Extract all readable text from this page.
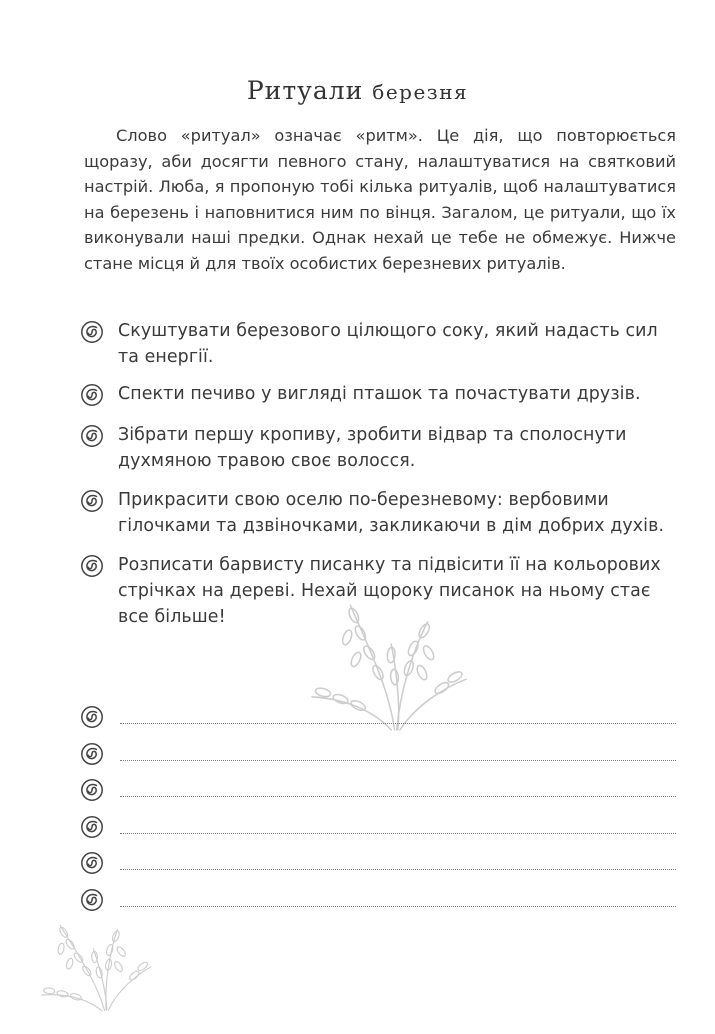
Ритуали березня

Слово «ритуал» означає «ритм». Це дія, що повторюється щоразу, аби досягти певного стану, налаштуватися на святковий настрій. Люба, я пропоную тобі кілька ритуалів, щоб налаштуватися на березень і наповнитися ним по вінця. Загалом, це ритуали, що їх виконували наші предки. Однак нехай це тебе не обмежує. Нижче стане місця й для твоїх особистих березневих ритуалів.

Скуштувати березового цілющого соку, який надасть сил та енергії.
Спекти печиво у вигляді пташок та почастувати друзів.
Зібрати першу кропиву, зробити відвар та сполоснути духмяною травою своє волосся.
Прикрасити свою оселю по-березневому: вербовими гілочками та дзвіночками, закликаючи в дім добрих духів.
Розписати барвисту писанку та підвісити її на кольорових стрічках на дереві. Нехай щороку писанок на ньому стає все більше!
